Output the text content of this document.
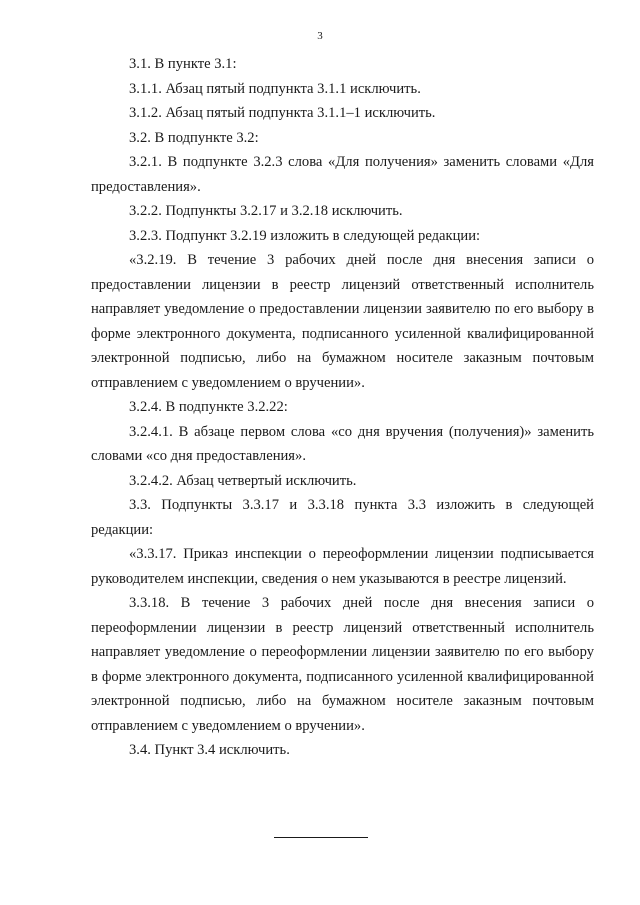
3

3.1. В пункте 3.1:

3.1.1. Абзац пятый подпункта 3.1.1 исключить.

3.1.2. Абзац пятый подпункта 3.1.1–1 исключить.

3.2. В подпункте 3.2:

3.2.1. В подпункте 3.2.3 слова «Для получения» заменить словами «Для предоставления».

3.2.2. Подпункты 3.2.17 и 3.2.18 исключить.

3.2.3. Подпункт 3.2.19 изложить в следующей редакции:

«3.2.19. В течение 3 рабочих дней после дня внесения записи о предоставлении лицензии в реестр лицензий ответственный исполнитель направляет уведомление о предоставлении лицензии заявителю по его выбору в форме электронного документа, подписанного усиленной квалифицированной электронной подписью, либо на бумажном носителе заказным почтовым отправлением с уведомлением о вручении».

3.2.4. В подпункте 3.2.22:

3.2.4.1. В абзаце первом слова «со дня вручения (получения)» заменить словами «со дня предоставления».

3.2.4.2. Абзац четвертый исключить.

3.3. Подпункты 3.3.17 и 3.3.18 пункта 3.3 изложить в следующей редакции:

«3.3.17. Приказ инспекции о переоформлении лицензии подписывается руководителем инспекции, сведения о нем указываются в реестре лицензий.

3.3.18. В течение 3 рабочих дней после дня внесения записи о переоформлении лицензии в реестр лицензий ответственный исполнитель направляет уведомление о переоформлении лицензии заявителю по его выбору в форме электронного документа, подписанного усиленной квалифицированной электронной подписью, либо на бумажном носителе заказным почтовым отправлением с уведомлением о вручении».

3.4. Пункт 3.4 исключить.
